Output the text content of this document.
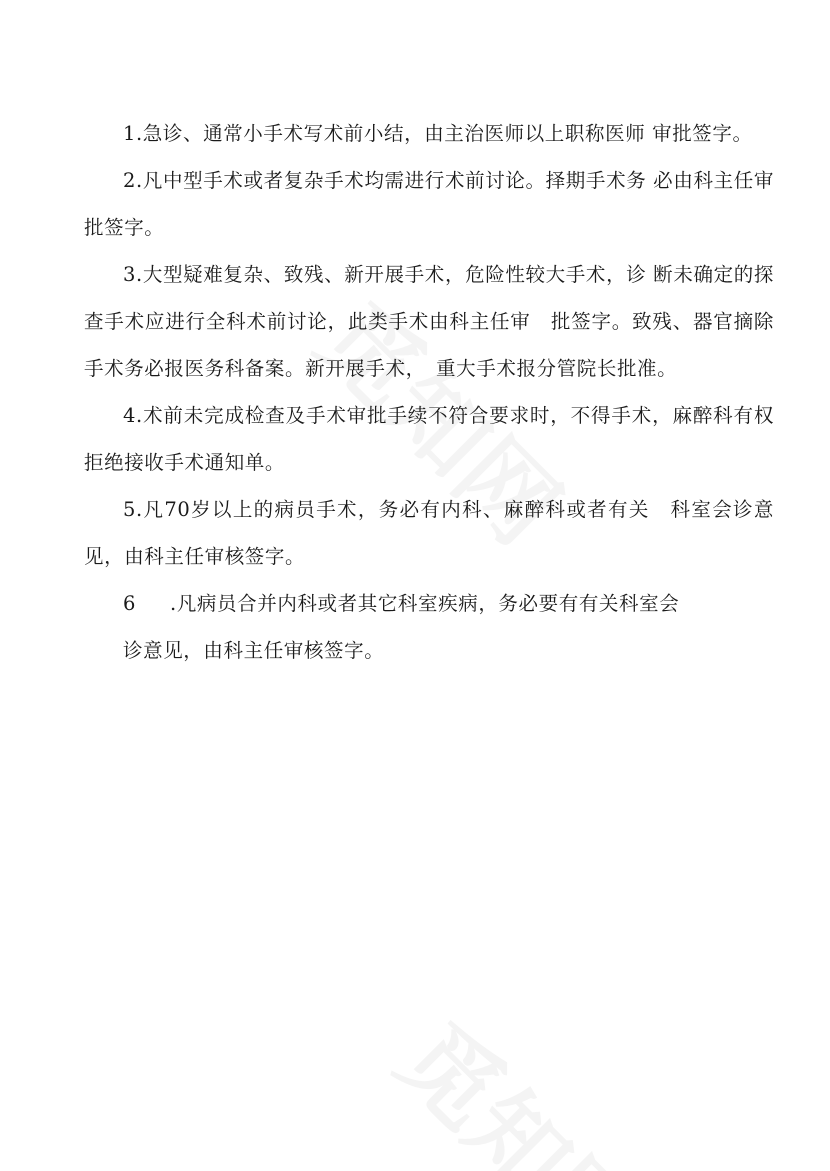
1.急诊、通常小手术写术前小结，由主治医师以上职称医师 审批签字。

2.凡中型手术或者复杂手术均需进行术前讨论。择期手术务 必由科主任审批签字。

3.大型疑难复杂、致残、新开展手术，危险性较大手术，诊 断未确定的探查手术应进行全科术前讨论，此类手术由科主任审　批签字。致残、器官摘除手术务必报医务科备案。新开展手术，　重大手术报分管院长批准。

4.术前未完成检查及手术审批手续不符合要求时，不得手术，麻醉科有权拒绝接收手术通知单。

5.凡70岁以上的病员手术，务必有内科、麻醉科或者有关　科室会诊意见，由科主任审核签字。

6 .凡病员合并内科或者其它科室疾病，务必要有有关科室会
诊意见，由科主任审核签字。
